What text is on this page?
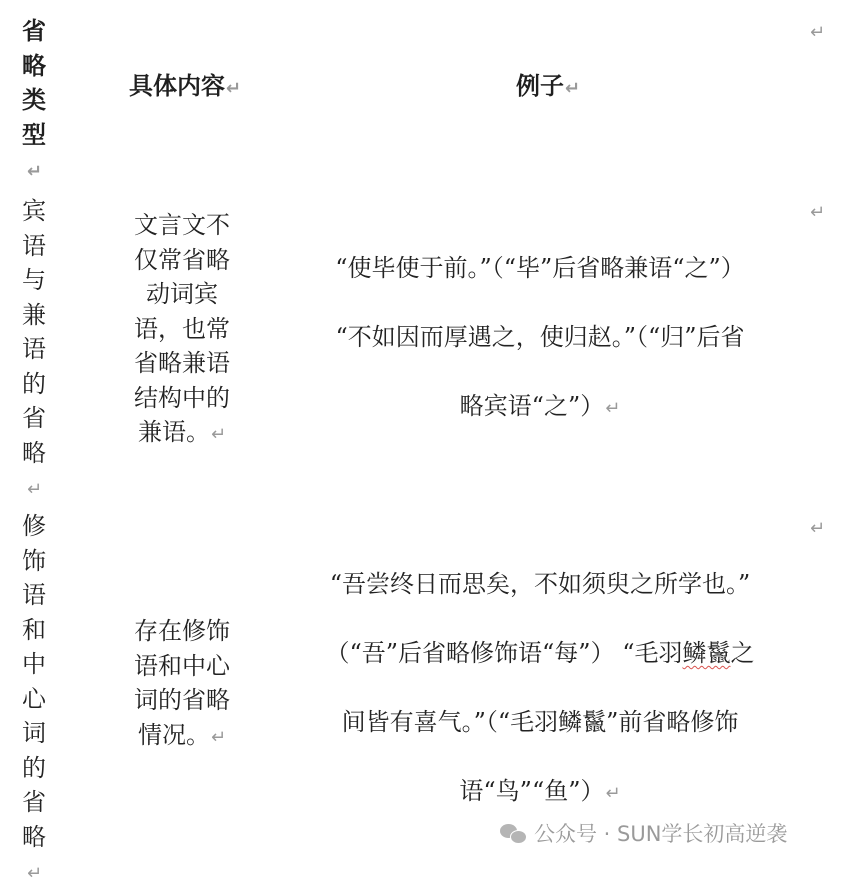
省
略
类
型↵
具体内容↵	例子↵
↵
宾
语
与
兼
语
的
省
略↵
文言文不
仅常省略
动词宾
语，也常
省略兼语
结构中的
兼语。↵
↵
“使毕使于前。”（“毕”后省略兼语“之”）
“不如因而厚遇之，使归赵。”（“归”后省
略宾语“之”）↵
修
饰
语
和
中
心
词
的
省
略↵
存在修饰
语和中心
词的省略
情况。↵
↵
“吾尝终日而思矣，不如须臾之所学也。”
（“吾”后省略修饰语“每”） “毛羽鳞鬣之
间皆有喜气。”（“毛羽鳞鬣”前省略修饰
语“鸟”“鱼”）↵
公众号 · SUN学长初高逆袭
